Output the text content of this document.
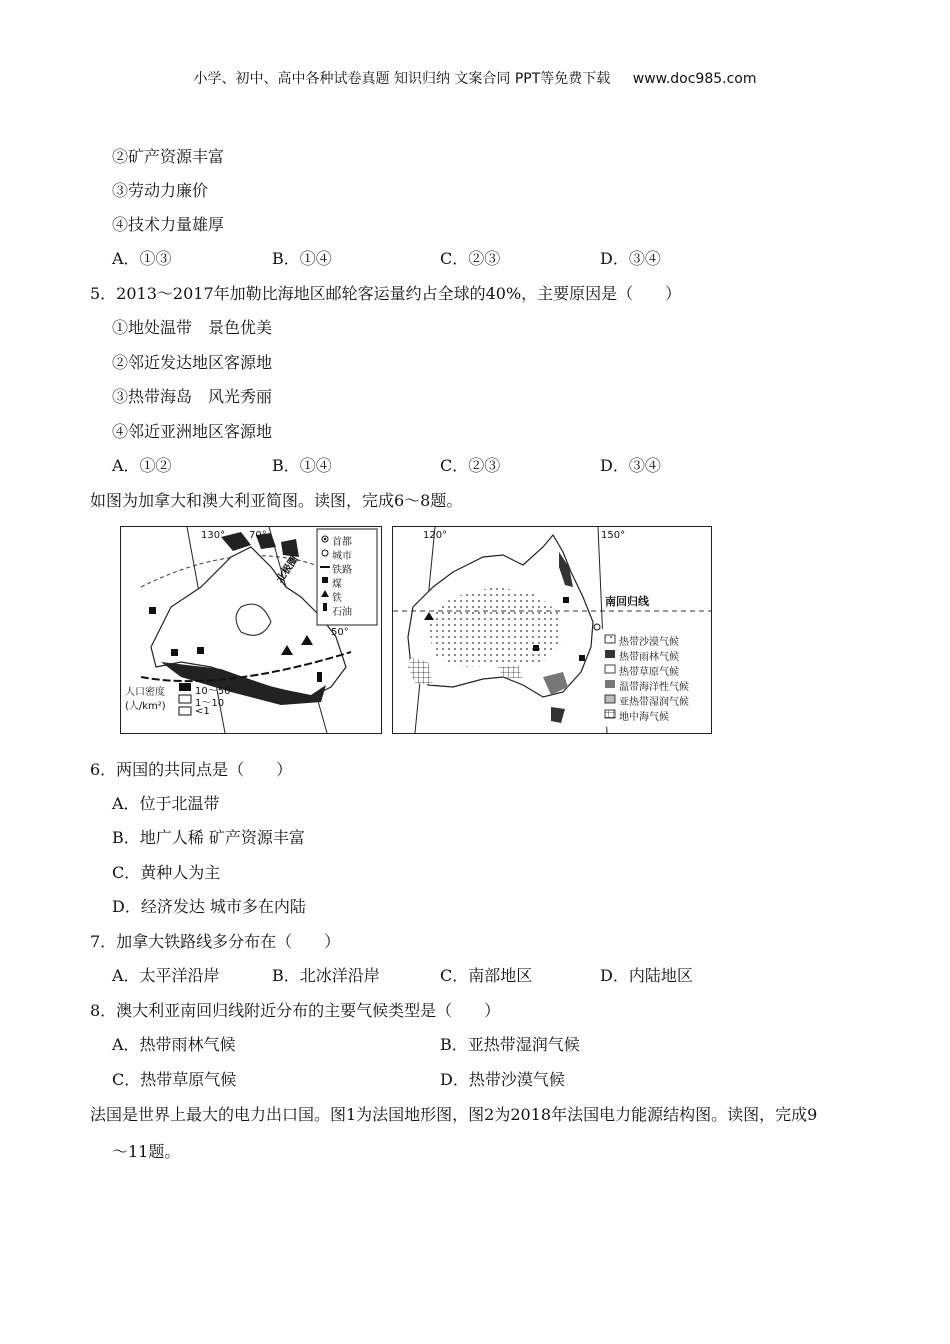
小学、初中、高中各种试卷真题 知识归纳 文案合同 PPT等免费下载 www.doc985.com
②矿产资源丰富
③劳动力廉价
④技术力量雄厚
A．①③	B．①④	C．②③	D．③④
5．2013～2017年加勒比海地区邮轮客运量约占全球的40%，主要原因是（　　）
①地处温带　景色优美
②邻近发达地区客源地
③热带海岛　风光秀丽
④邻近亚洲地区客源地
A．①②	B．①④	C．②③	D．③④
如图为加拿大和澳大利亚简图。读图，完成6～8题。
130° 70°
50°
北极圈
首都
城市
铁路
煤
铁
石油
人口密度
(人/km²)
10～50
1～10
<1
120°	150°
南回归线
热带沙漠气候
热带雨林气候
热带草原气候
温带海洋性气候
亚热带湿润气候
地中海气候
6．两国的共同点是（　　）
A．位于北温带
B．地广人稀 矿产资源丰富
C．黄种人为主
D．经济发达 城市多在内陆
7．加拿大铁路线多分布在（　　）
A．太平洋沿岸	B．北冰洋沿岸	C．南部地区	D．内陆地区
8．澳大利亚南回归线附近分布的主要气候类型是（　　）
A．热带雨林气候	B．亚热带湿润气候
C．热带草原气候	D．热带沙漠气候
法国是世界上最大的电力出口国。图1为法国地形图，图2为2018年法国电力能源结构图。读图，完成9
～11题。
